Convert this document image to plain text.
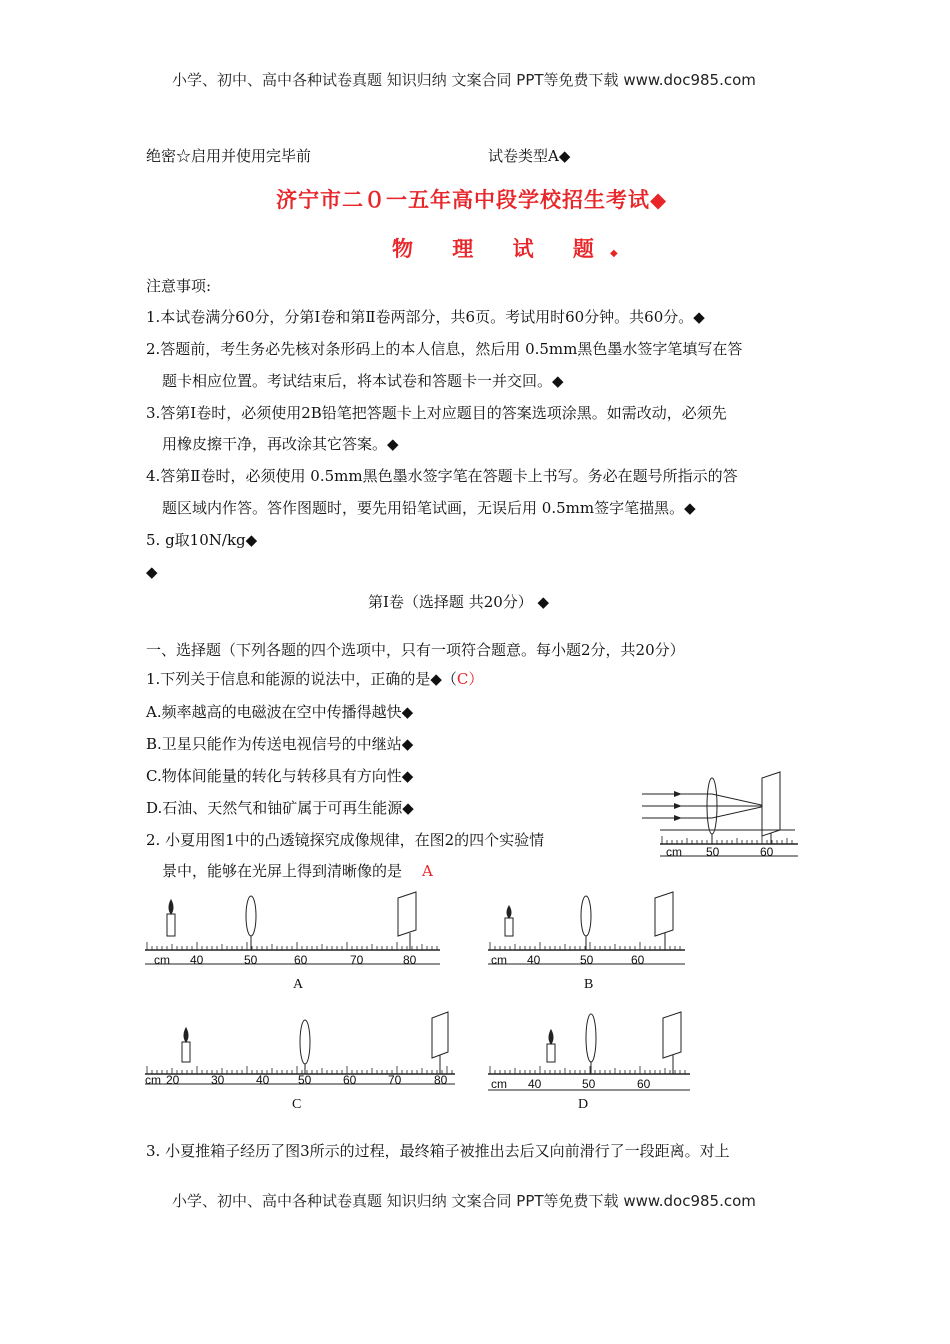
小学、初中、高中各种试卷真题 知识归纳 文案合同 PPT等免费下载 www.doc985.com
小学、初中、高中各种试卷真题 知识归纳 文案合同 PPT等免费下载 www.doc985.com
绝密☆启用并使用完毕前	试卷类型A◆
济宁市二０一五年高中段学校招生考试◆
物 理 试 题◆
注意事项:
1.本试卷满分60分，分第Ⅰ卷和第Ⅱ卷两部分，共6页。考试用时60分钟。共60分。◆
2.答题前，考生务必先核对条形码上的本人信息，然后用 0.5mm黑色墨水签字笔填写在答
题卡相应位置。考试结束后，将本试卷和答题卡一并交回。◆
3.答第Ⅰ卷时，必须使用2B铅笔把答题卡上对应题目的答案选项涂黑。如需改动，必须先
用橡皮擦干净，再改涂其它答案。◆
4.答第Ⅱ卷时，必须使用 0.5mm黑色墨水签字笔在答题卡上书写。务必在题号所指示的答
题区域内作答。答作图题时，要先用铅笔试画，无误后用 0.5mm签字笔描黑。◆
5. g取10N/kg◆
◆
第Ⅰ卷（选择题 共20分） ◆
一、选择题（下列各题的四个选项中，只有一项符合题意。每小题2分，共20分）
1.下列关于信息和能源的说法中，正确的是◆（C）
A.频率越高的电磁波在空中传播得越快◆
B.卫星只能作为传送电视信号的中继站◆
C.物体间能量的转化与转移具有方向性◆
D.石油、天然气和铀矿属于可再生能源◆
2. 小夏用图1中的凸透镜探究成像规律，在图2的四个实验情
景中，能够在光屏上得到清晰像的是 A
cm 50	60
cm 40	50	60	70	80
A
cm 40	50	60
B
cm 20	30	40 50	60	70	80
C
cm 40	50	60
D
3. 小夏推箱子经历了图3所示的过程，最终箱子被推出去后又向前滑行了一段距离。对上
